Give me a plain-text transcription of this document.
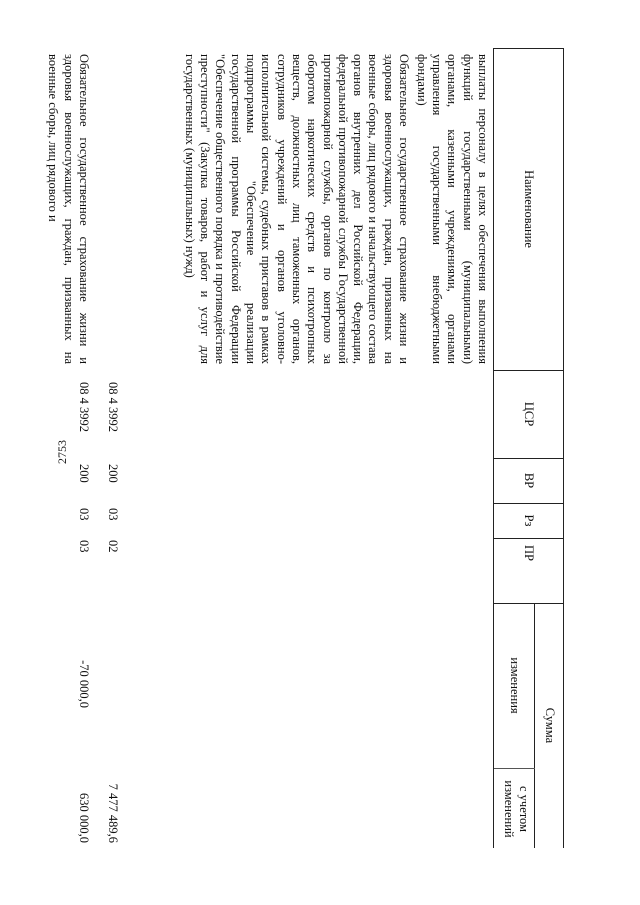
2753
Наименование
ЦСР
ВР
Рз
ПР
Сумма
изменения
с учетом изменений
выплаты персоналу в целях обеспечения выполнения функций государственными (муниципальными) органами, казенными учреждениями, органами управления государственными внебюджетными фондами)
Обязательное государственное страхование жизни и здоровья военнослужащих, граждан, призванных на военные сборы, лиц рядового и начальствующего состава органов внутренних дел Российской Федерации, федеральной противопожарной службы Государственной противопожарной службы, органов по контролю за оборотом наркотических средств и психотропных веществ, должностных лиц таможенных органов, сотрудников учреждений и органов уголовно-исполнительной системы, судебных приставов в рамках подпрограммы "Обеспечение реализации государственной программы Российской Федерации "Обеспечение общественного порядка и противодействие преступности" (Закупка товаров, работ и услуг для государственных (муниципальных) нужд)
08 4 3992
200
03
02
7 477 489,6
Обязательное государственное страхование жизни и здоровья военнослужащих, граждан, призванных на военные сборы, лиц рядового и
08 4 3992
200
03
03
-70 000,0
630 000,0
